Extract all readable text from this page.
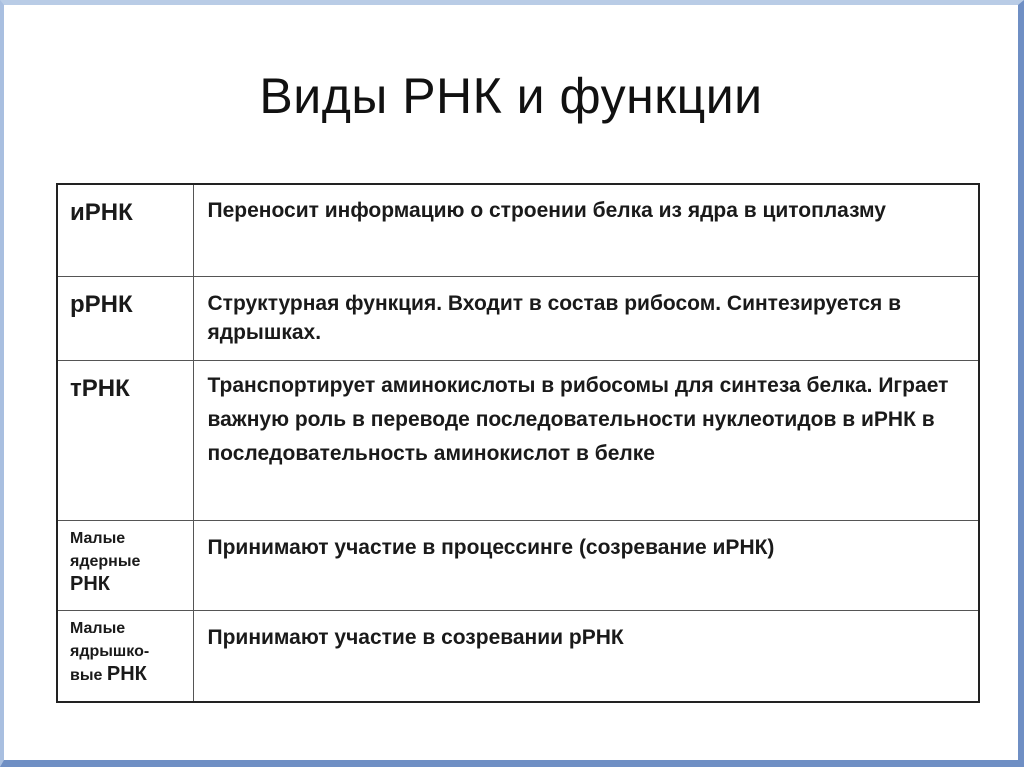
Виды РНК и функции
иРНК	Переносит информацию о строении белка из ядра в цитоплазму
рРНК	Структурная функция. Входит в состав рибосом. Синтезируется в ядрышках.
тРНК	Транспортирует аминокислоты в рибосомы для синтеза белка. Играет важную роль в переводе последовательности нуклеотидов в иРНК в последовательность аминокислот в белке

Малые
ядерные
РНК	Принимают участие в процессинге (созревание иРНК)

Малые
ядрышко-
вые РНК	Принимают участие в созревании рРНК
